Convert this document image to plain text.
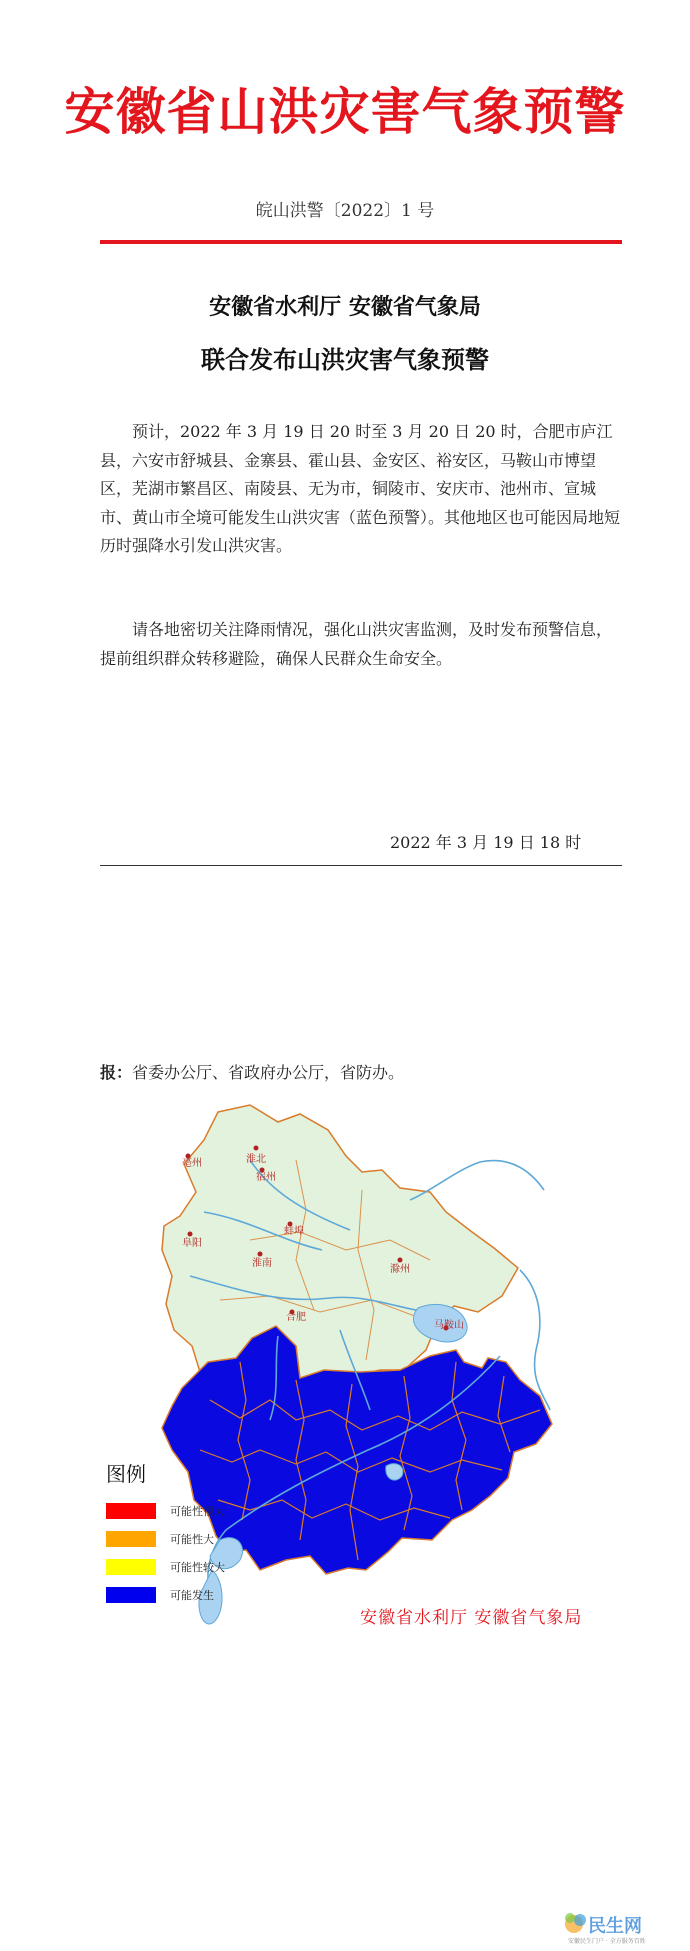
安徽省山洪灾害气象预警
皖山洪警〔2022〕1 号
安徽省水利厅 安徽省气象局
联合发布山洪灾害气象预警
预计，2022 年 3 月 19 日 20 时至 3 月 20 日 20 时，合肥市庐江县，六安市舒城县、金寨县、霍山县、金安区、裕安区，马鞍山市博望区，芜湖市繁昌区、南陵县、无为市，铜陵市、安庆市、池州市、宣城市、黄山市全境可能发生山洪灾害（蓝色预警）。其他地区也可能因局地短历时强降水引发山洪灾害。
请各地密切关注降雨情况，强化山洪灾害监测，及时发布预警信息，提前组织群众转移避险，确保人民群众生命安全。
2022 年 3 月 19 日 18 时
报：省委办公厅、省政府办公厅，省防办。
亳州	淮北
宿州
蚌埠
阜阳
淮南
滁州
合肥
马鞍山
图例
可能性很大
可能性大
可能性较大
可能发生
安徽省水利厅 安徽省气象局
民生网
安徽民生门户 · 全方服务百姓
